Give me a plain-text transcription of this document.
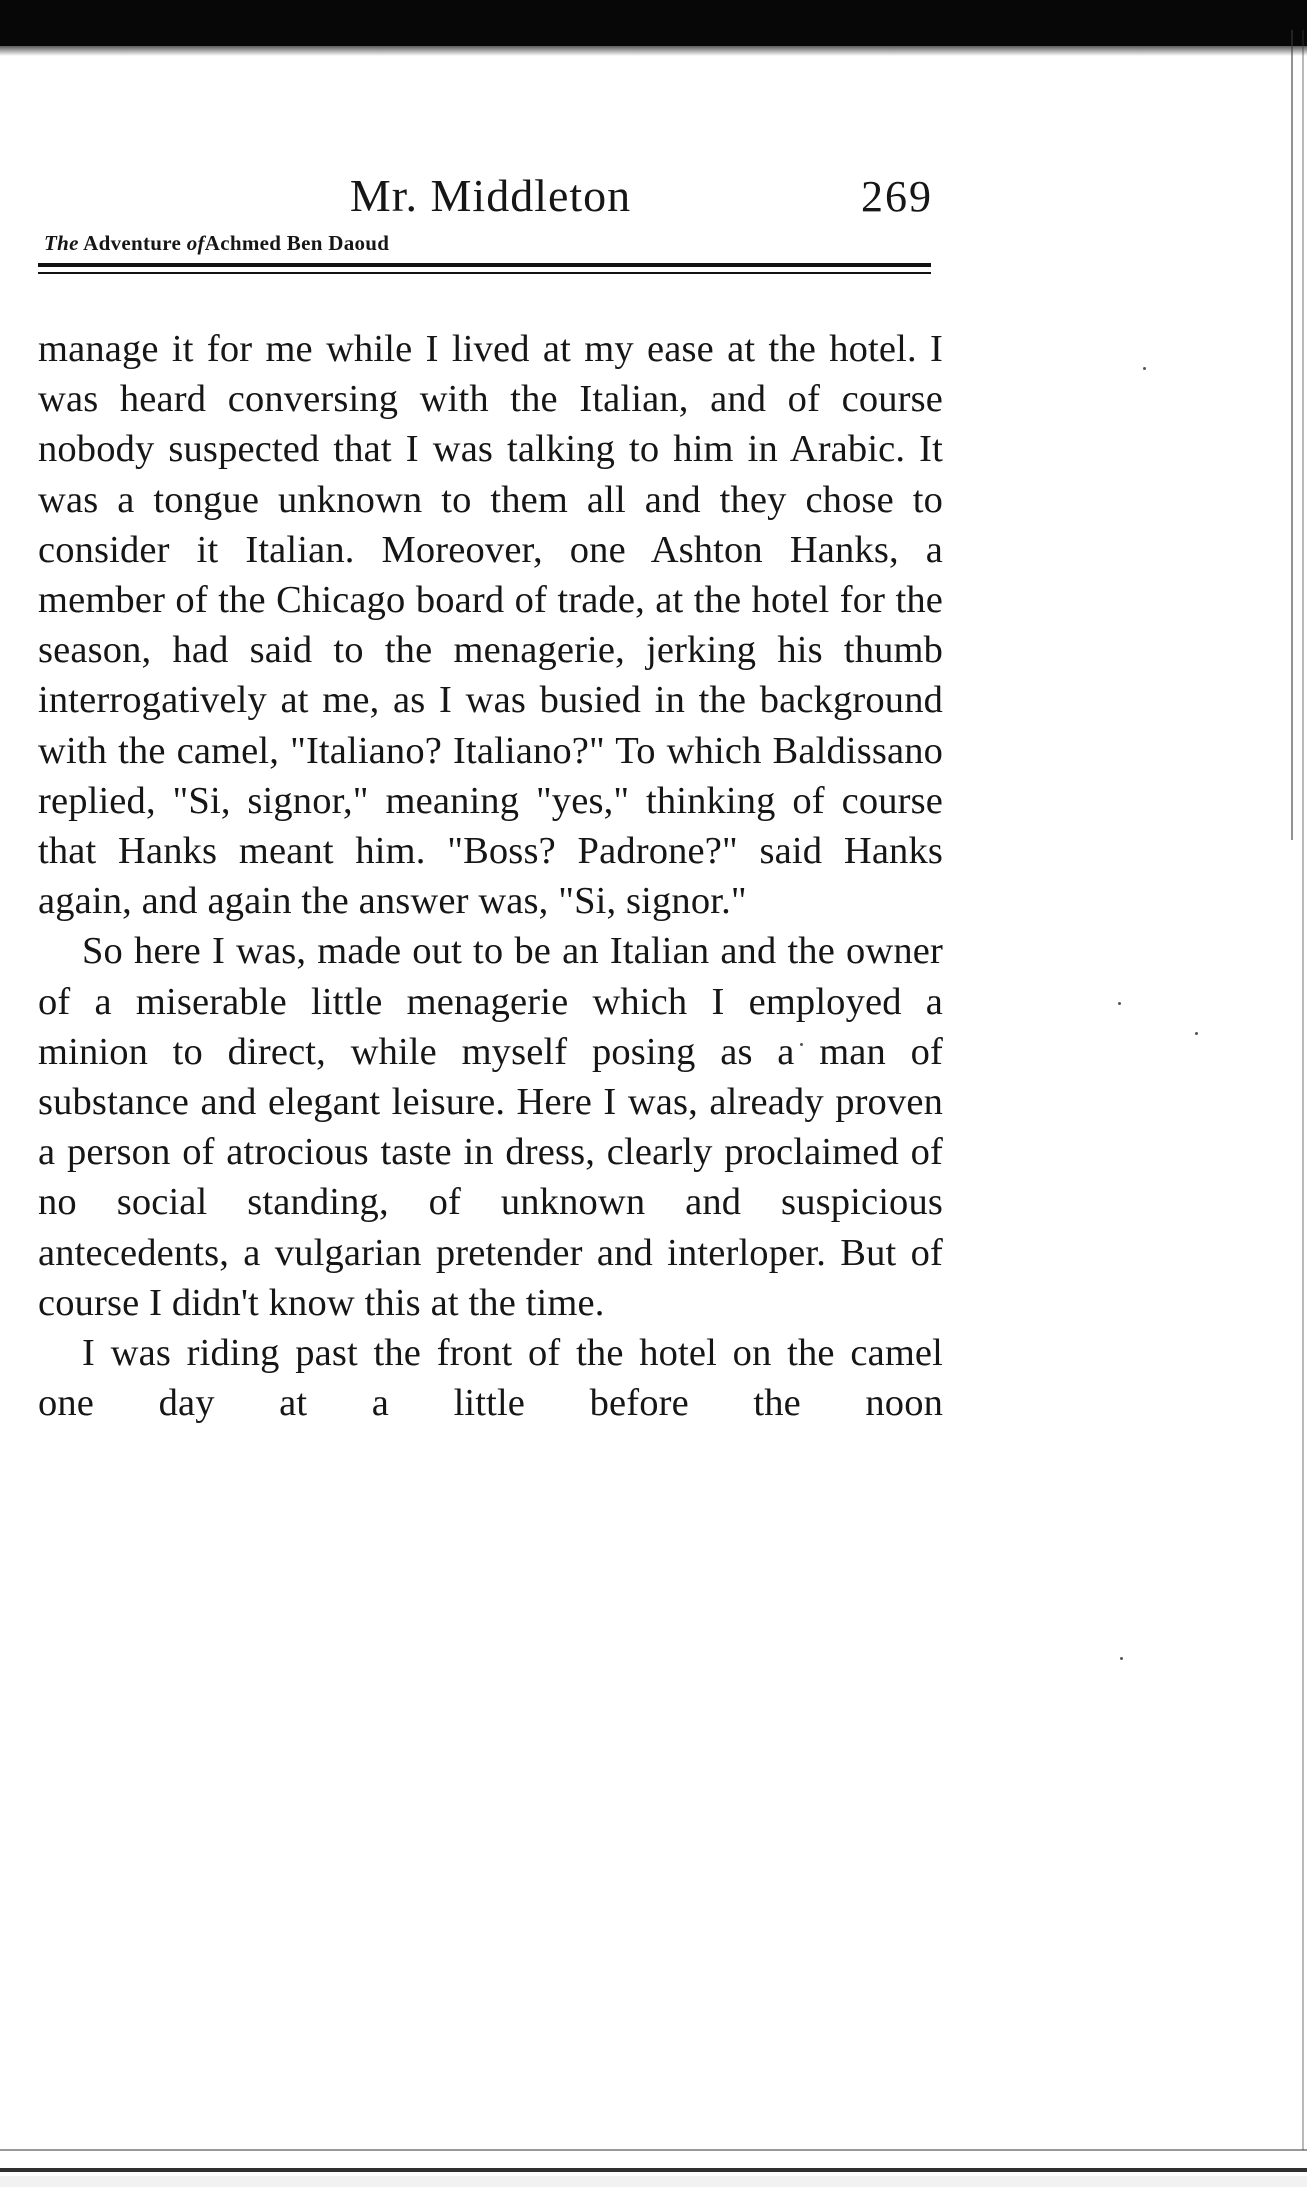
Mr. Middleton	269
The Adventure ofAchmed Ben Daoud

manage it for me while I lived at my ease at the hotel. I was heard conversing with the Italian, and of course nobody suspected that I was talking to him in Arabic. It was a tongue unknown to them all and they chose to consider it Italian. Moreover, one Ashton Hanks, a member of the Chicago board of trade, at the hotel for the season, had said to the menagerie, jerking his thumb interrogatively at me, as I was busied in the background with the camel, "Italiano? Italiano?" To which Baldissano replied, "Si, signor," meaning "yes," thinking of course that Hanks meant him. "Boss? Padrone?" said Hanks again, and again the answer was, "Si, signor."

So here I was, made out to be an Italian and the owner of a miserable little menagerie which I employed a minion to direct, while myself posing as a man of substance and elegant leisure. Here I was, already proven a person of atrocious taste in dress, clearly proclaimed of no social standing, of unknown and suspicious antecedents, a vulgarian pretender and interloper. But of course I didn't know this at the time.

I was riding past the front of the hotel on the camel one day at a little before the noon
